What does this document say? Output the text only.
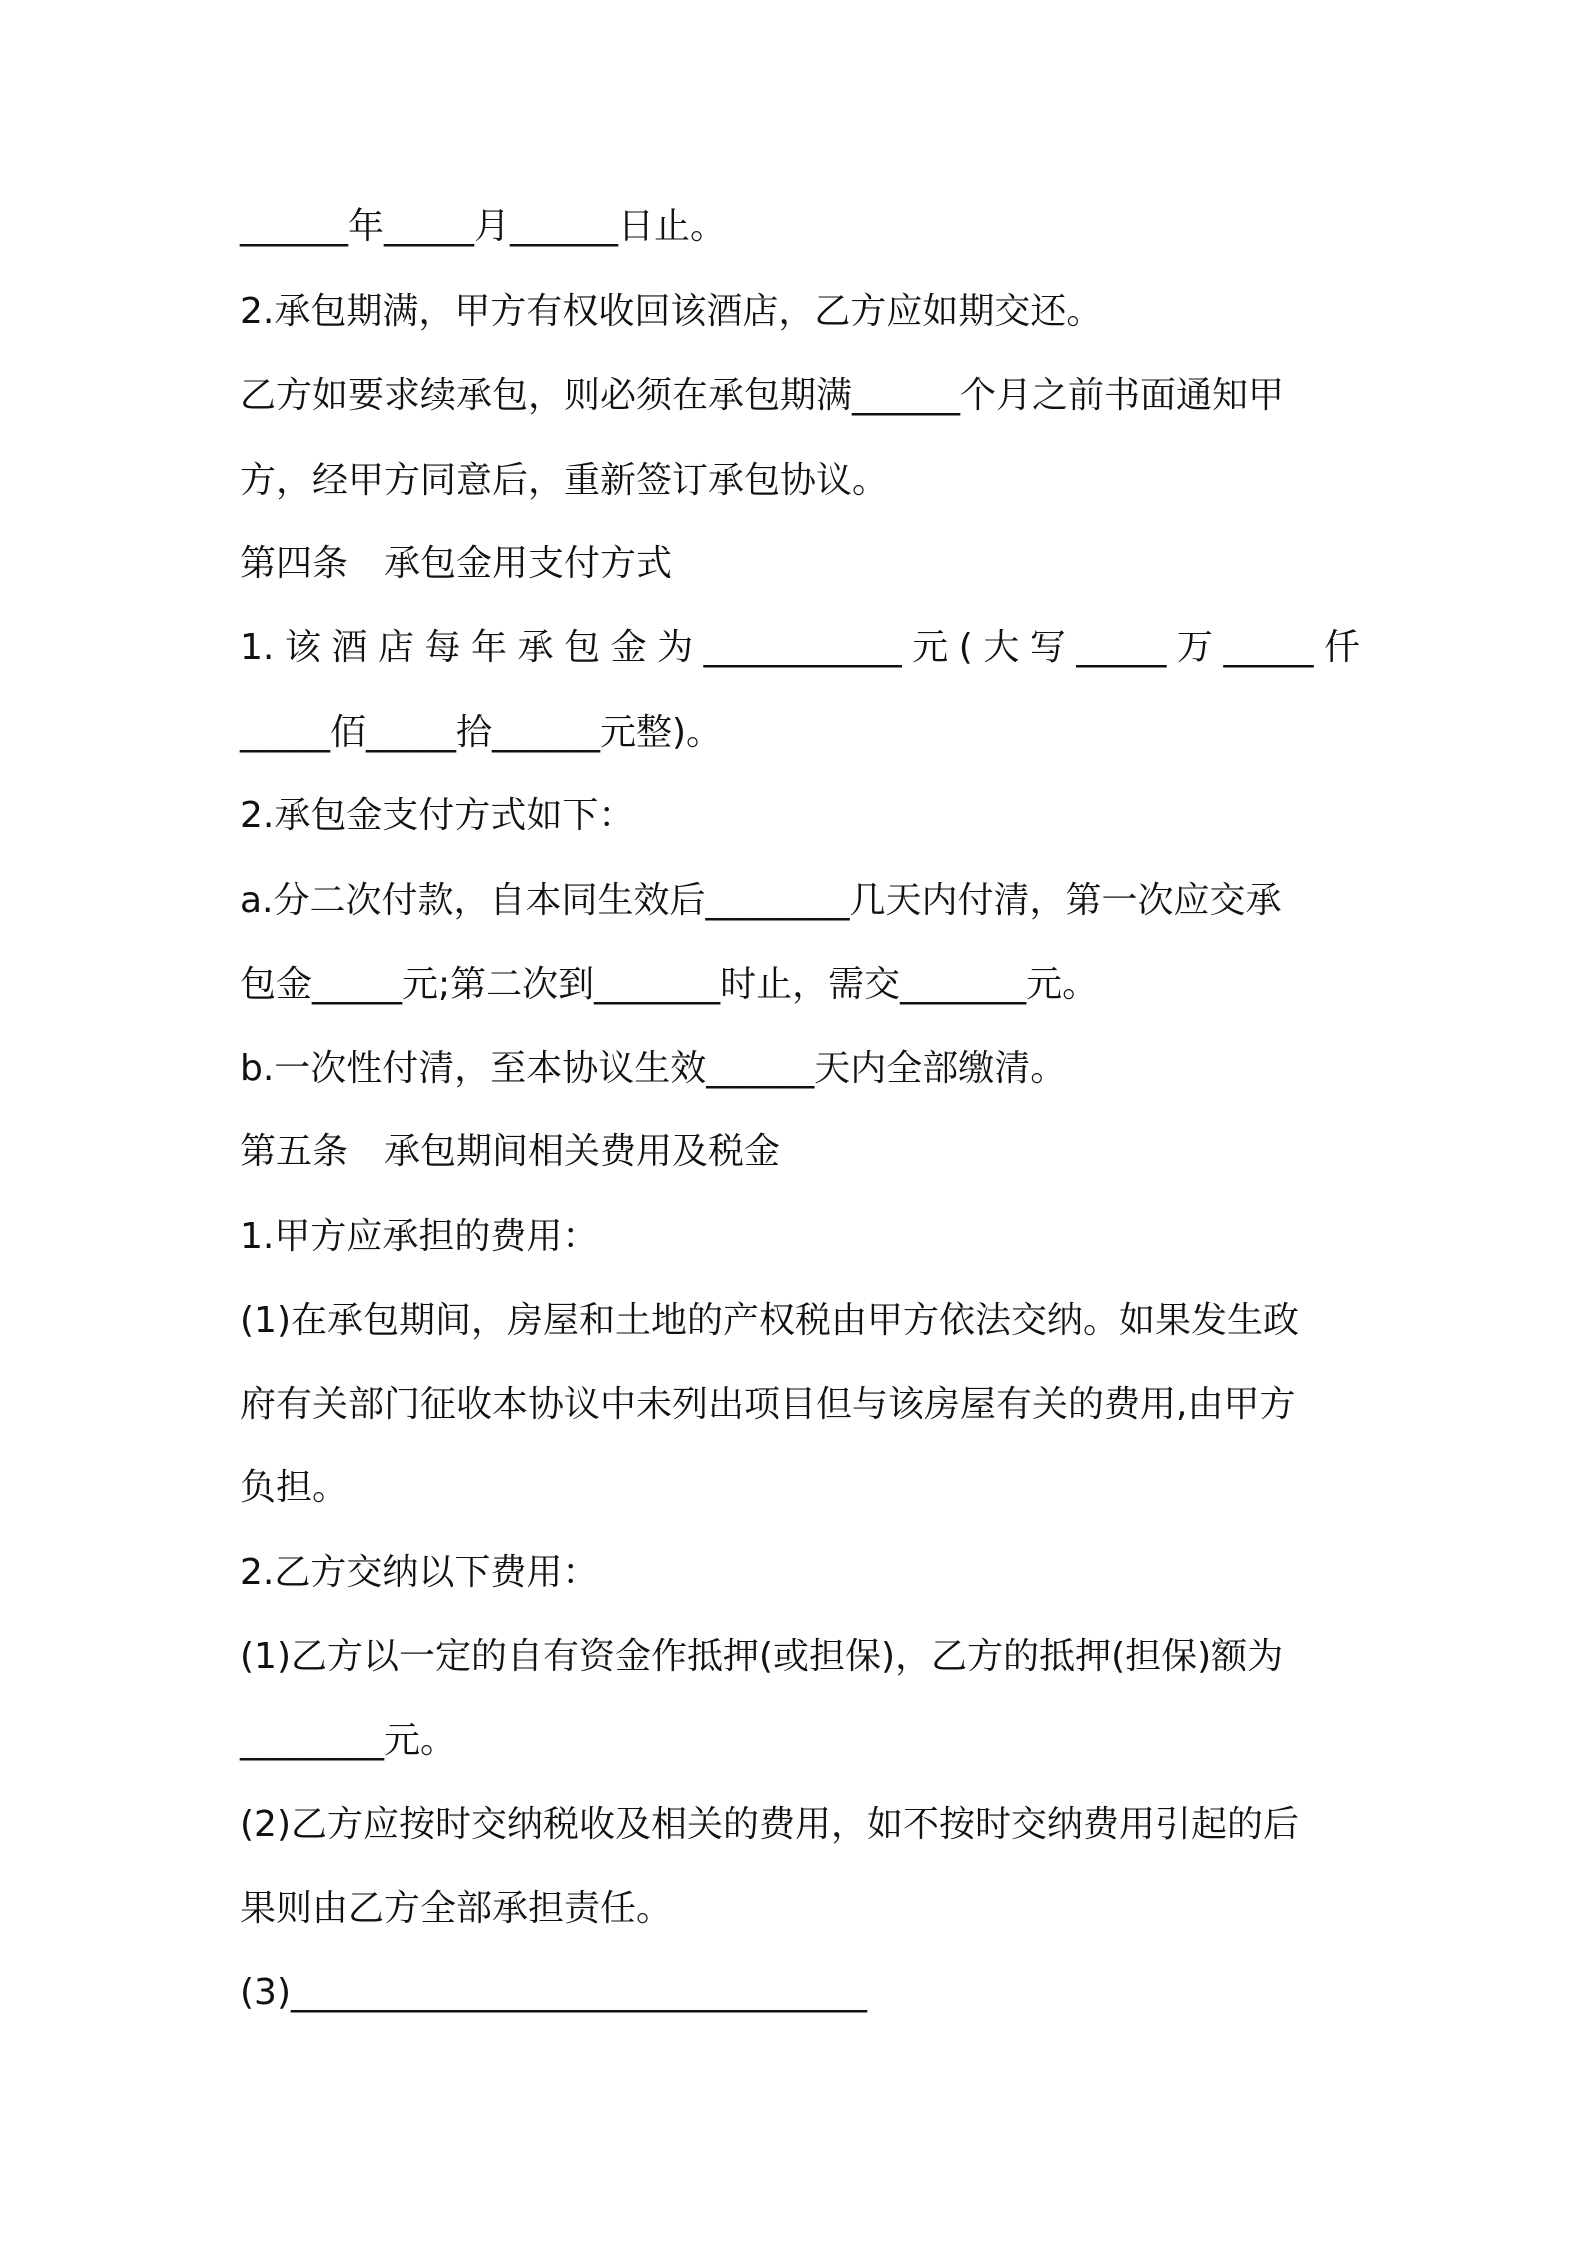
______年_____月______日止。
2.承包期满，甲方有权收回该酒店，乙方应如期交还。
乙方如要求续承包，则必须在承包期满______个月之前书面通知甲
方，经甲方同意后，重新签订承包协议。
第四条　承包金用支付方式
1.该酒店每年承包金为___________元(大写_____万_____仟
_____佰_____拾______元整)。
2.承包金支付方式如下：
a.分二次付款，自本同生效后________几天内付清，第一次应交承
包金_____元;第二次到_______时止，需交_______元。
b.一次性付清，至本协议生效______天内全部缴清。
第五条　承包期间相关费用及税金
1.甲方应承担的费用：
(1)在承包期间，房屋和土地的产权税由甲方依法交纳。如果发生政
府有关部门征收本协议中未列出项目但与该房屋有关的费用,由甲方
负担。
2.乙方交纳以下费用：
(1)乙方以一定的自有资金作抵押(或担保)，乙方的抵押(担保)额为
________元。
(2)乙方应按时交纳税收及相关的费用，如不按时交纳费用引起的后
果则由乙方全部承担责任。
(3)________________________________
